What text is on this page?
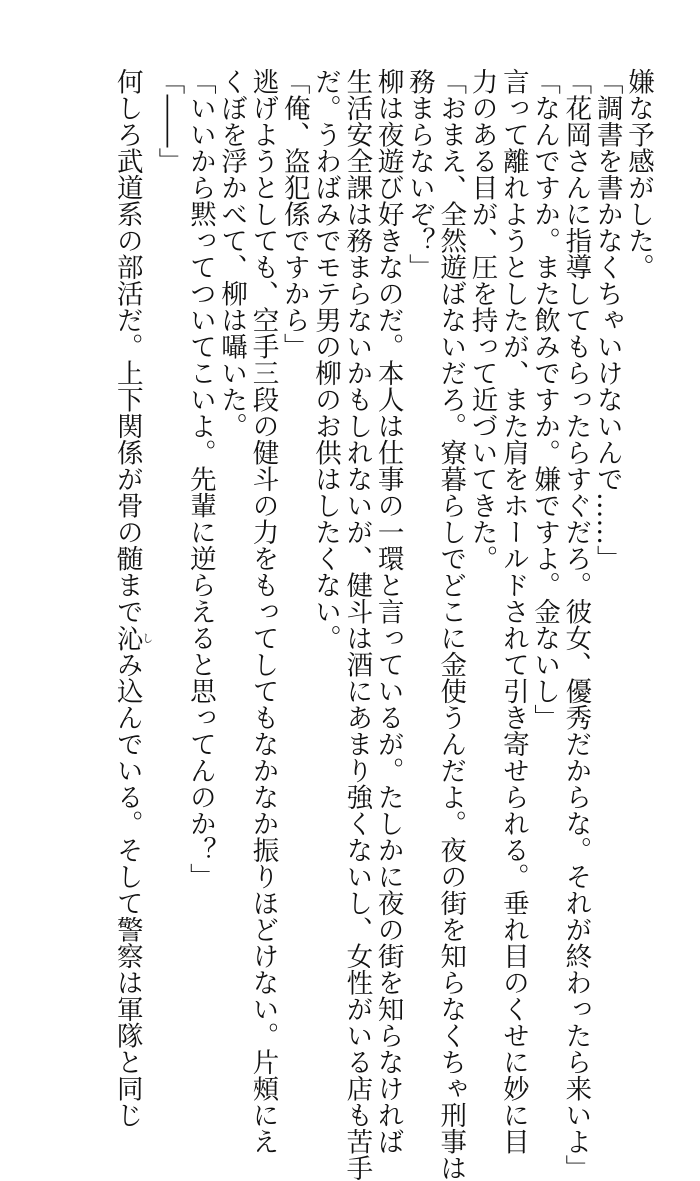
嫌な予感がした。
「調書を書かなくちゃいけないんで……」
「花岡さんに指導してもらったらすぐだろ。彼女、優秀だからな。それが終わったら来いよ」
「なんですか。また飲みですか。嫌ですよ。金ないし」
言って離れようとしたが、また肩をホールドされて引き寄せられる。垂れ目のくせに妙に目
力のある目が、圧を持って近づいてきた。
「おまえ、全然遊ばないだろ。寮暮らしでどこに金使うんだよ。夜の街を知らなくちゃ刑事は
務まらないぞ？」
柳は夜遊び好きなのだ。本人は仕事の一環と言っているが。たしかに夜の街を知らなければ
生活安全課は務まらないかもしれないが、健斗は酒にあまり強くないし、女性がいる店も苦手
だ。うわばみでモテ男の柳のお供はしたくない。
「俺、盗犯係ですから」
逃げようとしても、空手三段の健斗の力をもってしてもなかなか振りほどけない。片頰にえ
くぼを浮かべて、柳は囁いた。
「いいから黙ってついてこいよ。先輩に逆らえると思ってんのか？」
「――」
何しろ武道系の部活だ。上下関係が骨の髄まで沁しみ込んでいる。そして警察は軍隊と同じ
